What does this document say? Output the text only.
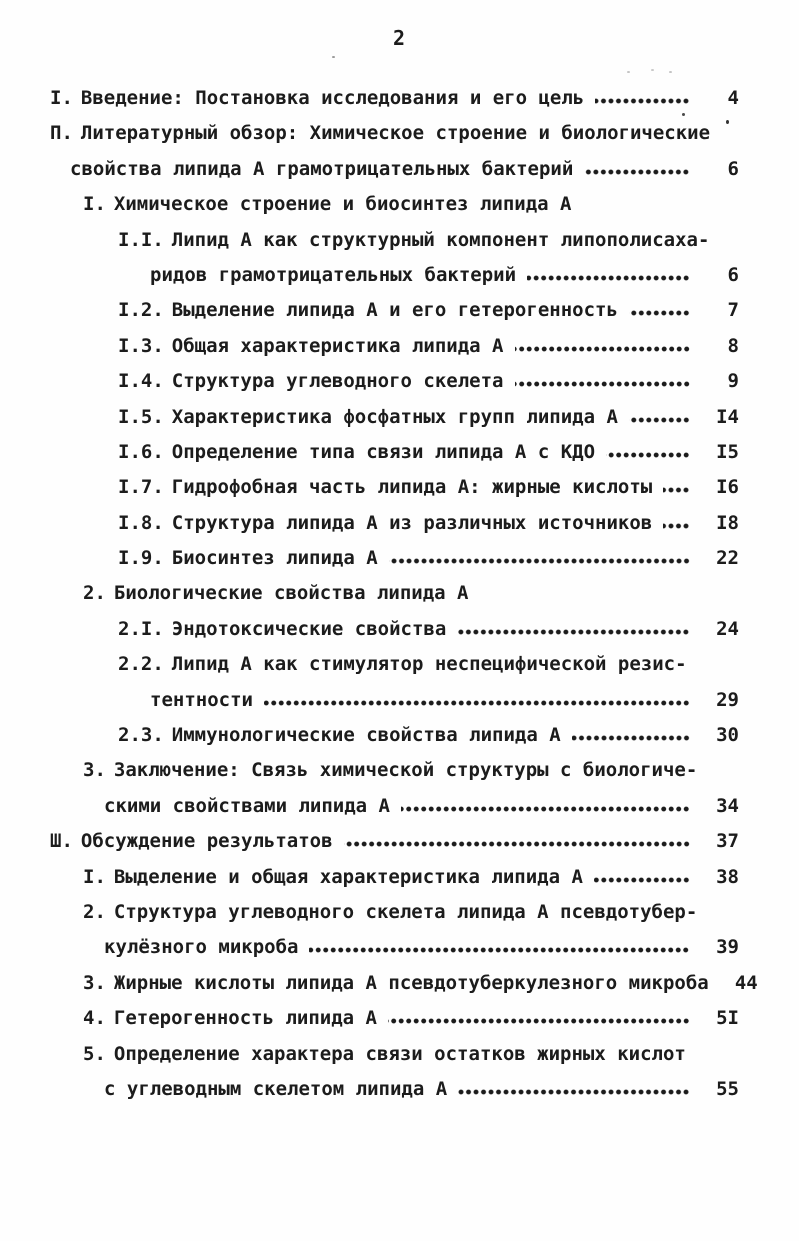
2
I. Введение: Постановка исследования и его цель	4
П. Литературный обзор: Химическое строение и биологические
свойства липида А грамотрицательных бактерий	6
I. Химическое строение и биосинтез липида А
I.I. Липид А как структурный компонент липополисаха-
ридов грамотрицательных бактерий	6
I.2. Выделение липида А и его гетерогенность	7
I.3. Общая характеристика липида А	8
I.4. Структура углеводного скелета	9
I.5. Характеристика фосфатных групп липида А	I4
I.6. Определение типа связи липида А с КДО	I5
I.7. Гидрофобная часть липида А: жирные кислоты	I6
I.8. Структура липида А из различных источников	I8
I.9. Биосинтез липида А	22
2. Биологические свойства липида А
2.I. Эндотоксические свойства	24
2.2. Липид А как стимулятор неспецифической резис-
тентности	29
2.3. Иммунологические свойства липида А	30
3. Заключение: Связь химической структуры с биологиче-
скими свойствами липида А	34
Ш. Обсуждение результатов	37
I. Выделение и общая характеристика липида А	38
2. Структура углеводного скелета липида А псевдотубер-
кулёзного микроба	39
3. Жирные кислоты липида А псевдотуберкулезного микроба	44
4. Гетерогенность липида А	5I
5. Определение характера связи остатков жирных кислот
с углеводным скелетом липида А	55
